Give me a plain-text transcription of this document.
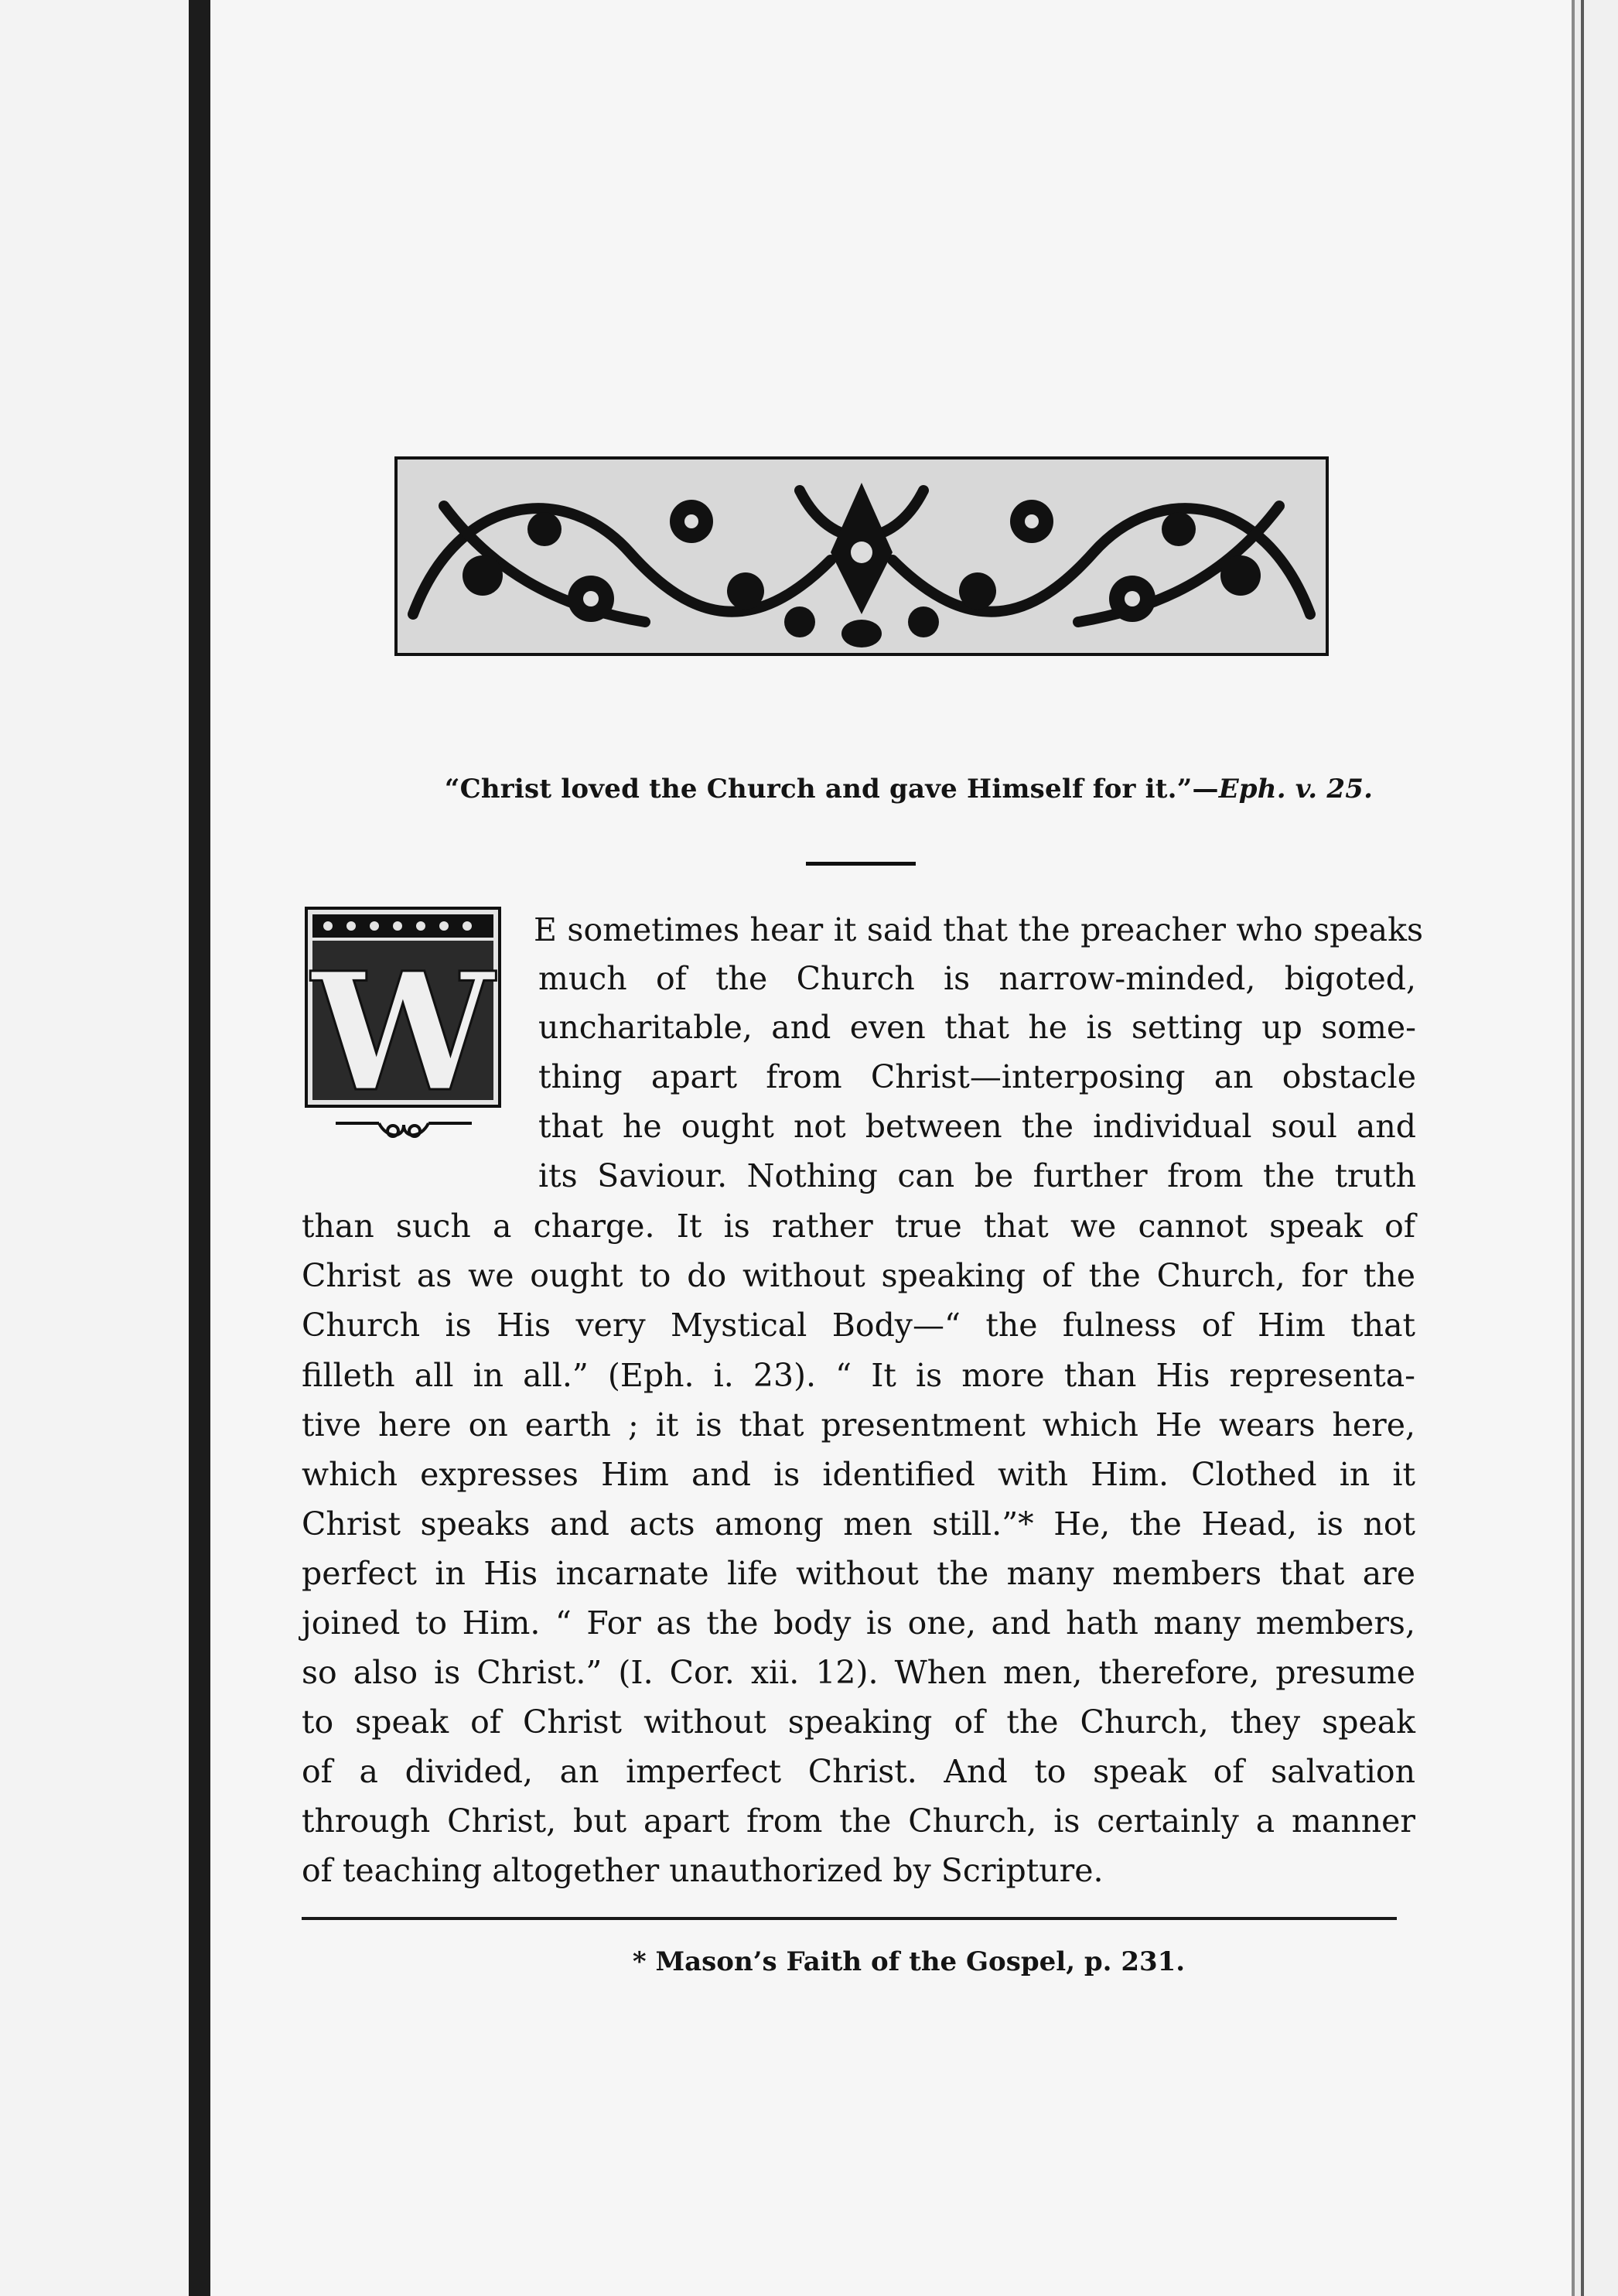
“Christ loved the Church and gave Himself for it.”—Eph. v. 25.
W
E sometimes hear it said that the preacher who speaks
much of the Church is narrow-minded, bigoted,
uncharitable, and even that he is setting up some-
thing apart from Christ—interposing an obstacle
that he ought not between the individual soul and
its Saviour. Nothing can be further from the truth
than such a charge. It is rather true that we cannot speak of
Christ as we ought to do without speaking of the Church, for the
Church is His very Mystical Body—“ the fulness of Him that
filleth all in all.” (Eph. i. 23). “ It is more than His representa-
tive here on earth ; it is that presentment which He wears here,
which expresses Him and is identified with Him. Clothed in it
Christ speaks and acts among men still.”* He, the Head, is not
perfect in His incarnate life without the many members that are
joined to Him. “ For as the body is one, and hath many members,
so also is Christ.” (I. Cor. xii. 12). When men, therefore, presume
to speak of Christ without speaking of the Church, they speak
of a divided, an imperfect Christ. And to speak of salvation
through Christ, but apart from the Church, is certainly a manner
of teaching altogether unauthorized by Scripture.
* Mason’s Faith of the Gospel, p. 231.
